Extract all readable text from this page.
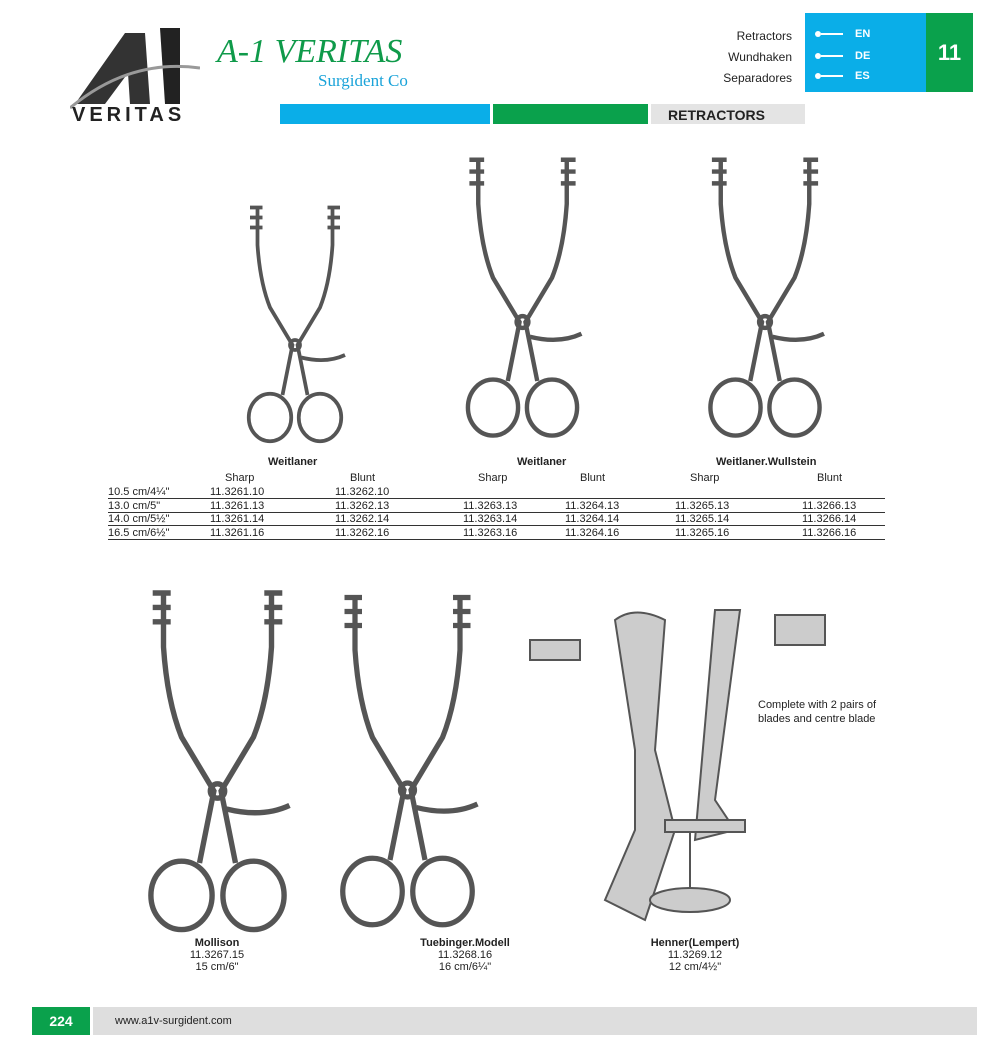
VERITAS
A-1 VERITAS
Surgident Co
Retractors
Wundhaken
Separadores
EN
DE
ES
11
RETRACTORS
Weitlaner	Weitlaner	Weitlaner.Wullstein
Sharp	Blunt	Sharp	Blunt	Sharp	Blunt
10.5 cm/4¼"	11.3261.10	11.3262.10
13.0 cm/5"	11.3261.13	11.3262.13	11.3263.13	11.3264.13	11.3265.13	11.3266.13
14.0 cm/5½"	11.3261.14	11.3262.14	11.3263.14	11.3264.14	11.3265.14	11.3266.14
16.5 cm/6½"	11.3261.16	11.3262.16	11.3263.16	11.3264.16	11.3265.16	11.3266.16
Complete with 2 pairs of blades and centre blade
Mollison
11.3267.15
15 cm/6"
Tuebinger.Modell
11.3268.16
16 cm/6¼"
Henner(Lempert)
11.3269.12
12 cm/4½"
224	www.a1v-surgident.com
